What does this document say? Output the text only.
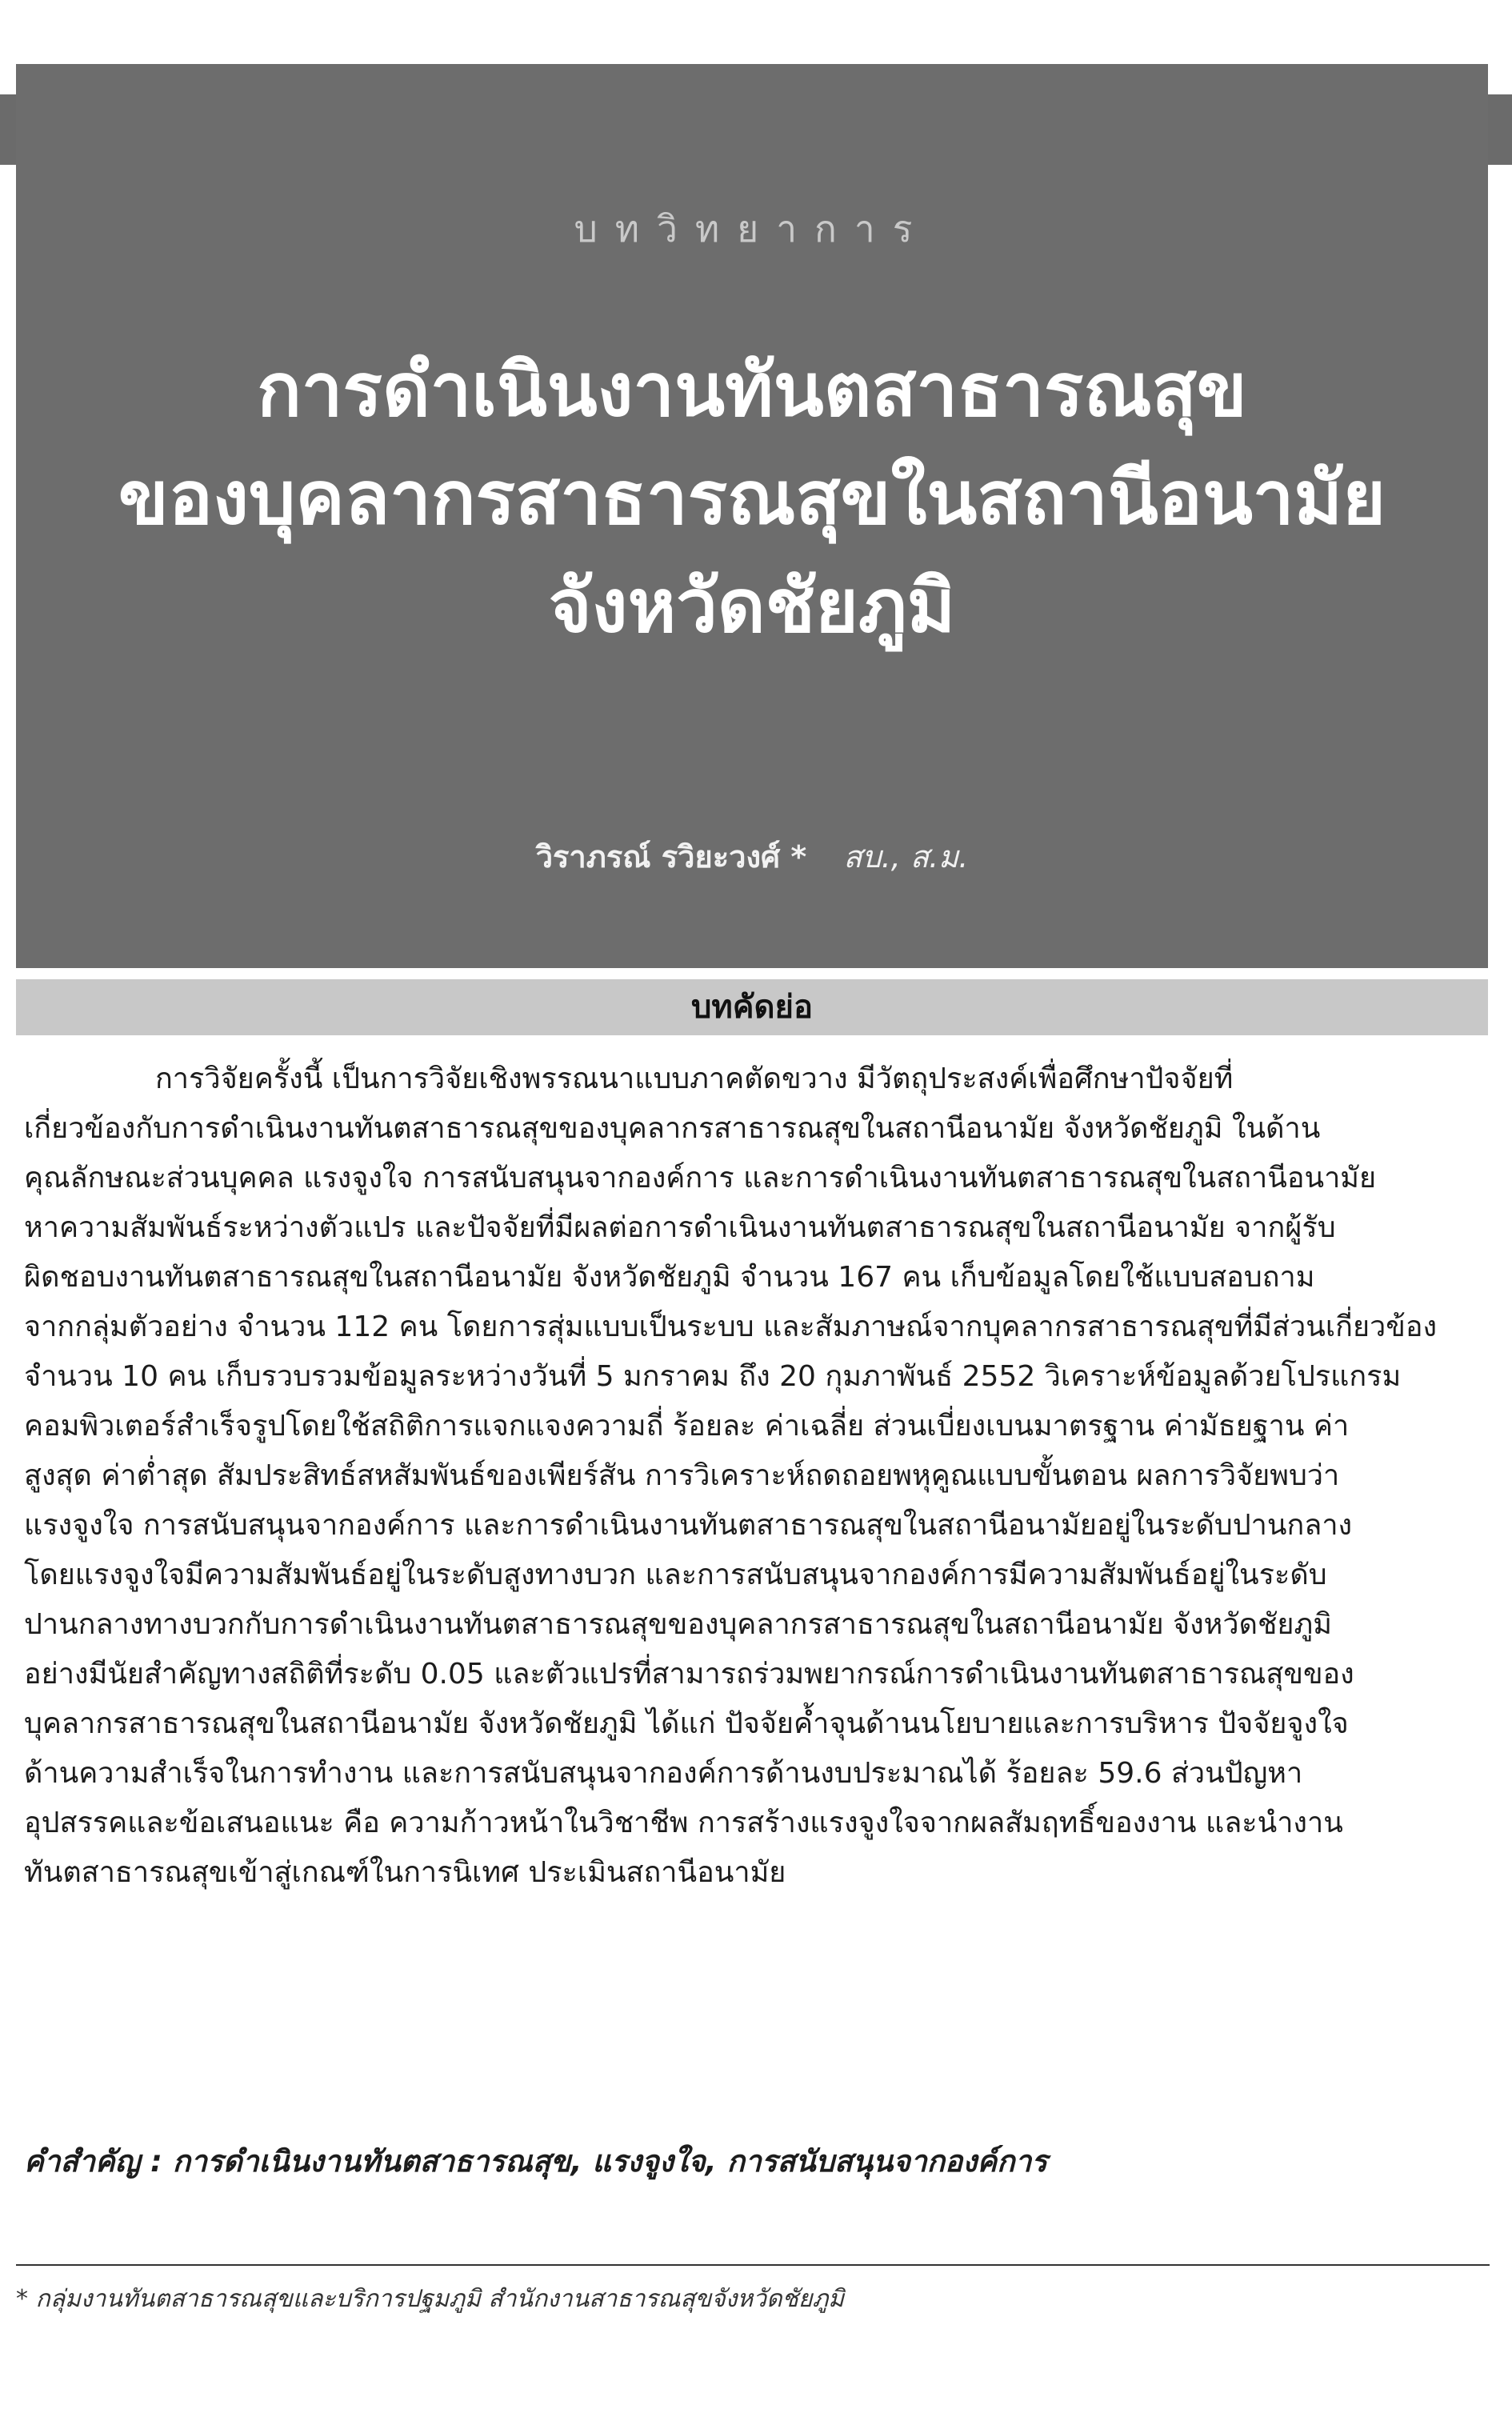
บทวิทยาการ
การดำเนินงานทันตสาธารณสุข
ของบุคลากรสาธารณสุขในสถานีอนามัย
จังหวัดชัยภูมิ
วิราภรณ์ รวิยะวงศ์ * สบ., ส.ม.
บทคัดย่อ
การวิจัยครั้งนี้ เป็นการวิจัยเชิงพรรณนาแบบภาคตัดขวาง มีวัตถุประสงค์เพื่อศึกษาปัจจัยที่
เกี่ยวข้องกับการดำเนินงานทันตสาธารณสุขของบุคลากรสาธารณสุขในสถานีอนามัย จังหวัดชัยภูมิ ในด้าน
คุณลักษณะส่วนบุคคล แรงจูงใจ การสนับสนุนจากองค์การ และการดำเนินงานทันตสาธารณสุขในสถานีอนามัย
หาความสัมพันธ์ระหว่างตัวแปร และปัจจัยที่มีผลต่อการดำเนินงานทันตสาธารณสุขในสถานีอนามัย จากผู้รับ
ผิดชอบงานทันตสาธารณสุขในสถานีอนามัย จังหวัดชัยภูมิ จำนวน 167 คน เก็บข้อมูลโดยใช้แบบสอบถาม
จากกลุ่มตัวอย่าง จำนวน 112 คน โดยการสุ่มแบบเป็นระบบ และสัมภาษณ์จากบุคลากรสาธารณสุขที่มีส่วนเกี่ยวข้อง
จำนวน 10 คน เก็บรวบรวมข้อมูลระหว่างวันที่ 5 มกราคม ถึง 20 กุมภาพันธ์ 2552 วิเคราะห์ข้อมูลด้วยโปรแกรม
คอมพิวเตอร์สำเร็จรูปโดยใช้สถิติการแจกแจงความถี่ ร้อยละ ค่าเฉลี่ย ส่วนเบี่ยงเบนมาตรฐาน ค่ามัธยฐาน ค่า
สูงสุด ค่าต่ำสุด สัมประสิทธ์สหสัมพันธ์ของเพียร์สัน การวิเคราะห์ถดถอยพหุคูณแบบขั้นตอน ผลการวิจัยพบว่า
แรงจูงใจ การสนับสนุนจากองค์การ และการดำเนินงานทันตสาธารณสุขในสถานีอนามัยอยู่ในระดับปานกลาง
โดยแรงจูงใจมีความสัมพันธ์อยู่ในระดับสูงทางบวก และการสนับสนุนจากองค์การมีความสัมพันธ์อยู่ในระดับ
ปานกลางทางบวกกับการดำเนินงานทันตสาธารณสุขของบุคลากรสาธารณสุขในสถานีอนามัย จังหวัดชัยภูมิ
อย่างมีนัยสำคัญทางสถิติที่ระดับ 0.05 และตัวแปรที่สามารถร่วมพยากรณ์การดำเนินงานทันตสาธารณสุขของ
บุคลากรสาธารณสุขในสถานีอนามัย จังหวัดชัยภูมิ ได้แก่ ปัจจัยค้ำจุนด้านนโยบายและการบริหาร ปัจจัยจูงใจ
ด้านความสำเร็จในการทำงาน และการสนับสนุนจากองค์การด้านงบประมาณได้ ร้อยละ 59.6 ส่วนปัญหา
อุปสรรคและข้อเสนอแนะ คือ ความก้าวหน้าในวิชาชีพ การสร้างแรงจูงใจจากผลสัมฤทธิ์ของงาน และนำงาน
ทันตสาธารณสุขเข้าสู่เกณฑ์ในการนิเทศ ประเมินสถานีอนามัย
คำสำคัญ : การดำเนินงานทันตสาธารณสุข, แรงจูงใจ, การสนับสนุนจากองค์การ
* กลุ่มงานทันตสาธารณสุขและบริการปฐมภูมิ สำนักงานสาธารณสุขจังหวัดชัยภูมิ
